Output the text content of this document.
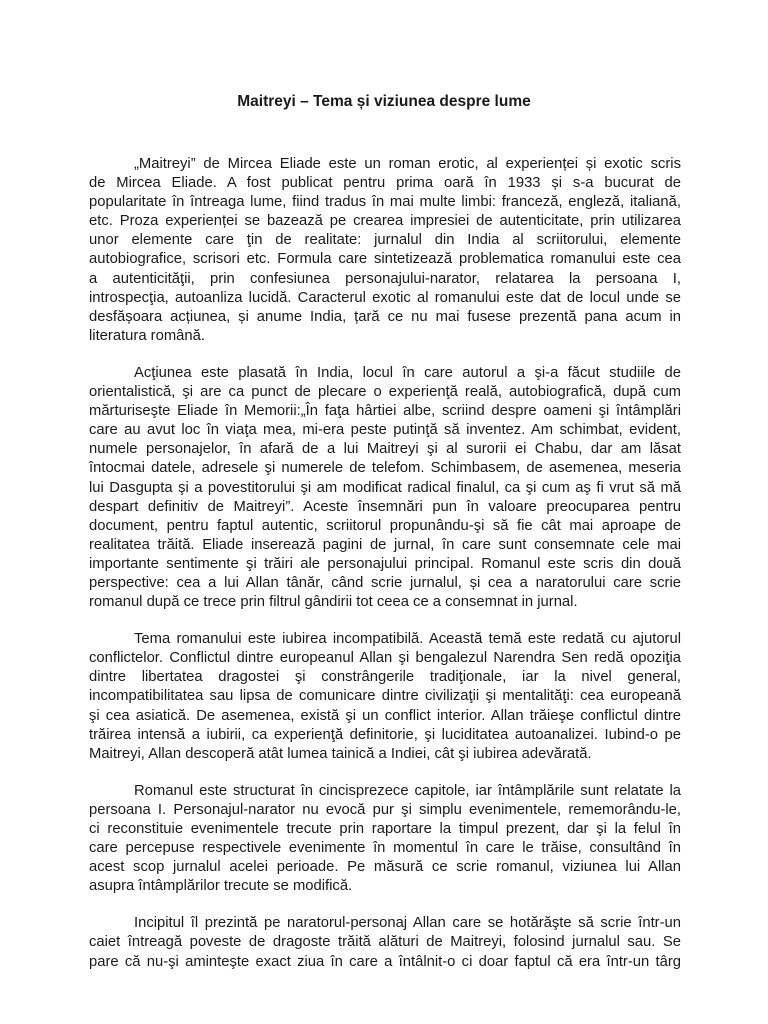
Maitreyi – Tema și viziunea despre lume

„Maitreyi” de Mircea Eliade este un roman erotic, al experienței și exotic scris
de Mircea Eliade. A fost publicat pentru prima oară în 1933 și s-a bucurat de
popularitate în întreaga lume, fiind tradus în mai multe limbi: franceză, engleză, italiană,
etc. Proza experienței se bazează pe crearea impresiei de autenticitate, prin utilizarea
unor elemente care ţin de realitate: jurnalul din India al scriitorului, elemente
autobiografice, scrisori etc. Formula care sintetizează problematica romanului este cea
a autenticităţii, prin confesiunea personajului-narator, relatarea la persoana I,
introspecţia, autoanliza lucidă. Caracterul exotic al romanului este dat de locul unde se
desfășoara acțiunea, și anume India, țară ce nu mai fusese prezentă pana acum in
literatura română.

Acţiunea este plasată în India, locul în care autorul a şi-a făcut studiile de
orientalistică, şi are ca punct de plecare o experienţă reală, autobiografică, după cum
mărturiseşte Eliade în Memorii:„În faţa hârtiei albe, scriind despre oameni şi întâmplări
care au avut loc în viaţa mea, mi-era peste putinţă să inventez. Am schimbat, evident,
numele personajelor, în afară de a lui Maitreyi şi al surorii ei Chabu, dar am lăsat
întocmai datele, adresele şi numerele de telefom. Schimbasem, de asemenea, meseria
lui Dasgupta şi a povestitorului şi am modificat radical finalul, ca şi cum aş fi vrut să mă
despart definitiv de Maitreyi”. Aceste însemnări pun în valoare preocuparea pentru
document, pentru faptul autentic, scriitorul propunându-şi să fie cât mai aproape de
realitatea trăită. Eliade inserează pagini de jurnal, în care sunt consemnate cele mai
importante sentimente şi trăiri ale personajului principal. Romanul este scris din două
perspective: cea a lui Allan tânăr, când scrie jurnalul, și cea a naratorului care scrie
romanul după ce trece prin filtrul gândirii tot ceea ce a consemnat in jurnal.

Tema romanului este iubirea incompatibilă. Această temă este redată cu ajutorul
conflictelor. Conflictul dintre europeanul Allan şi bengalezul Narendra Sen redă opoziţia
dintre libertatea dragostei şi constrângerile tradiţionale, iar la nivel general,
incompatibilitatea sau lipsa de comunicare dintre civilizaţii şi mentalităţi: cea europeană
şi cea asiatică. De asemenea, există şi un conflict interior. Allan trăieşe conflictul dintre
trăirea intensă a iubirii, ca experienţă definitorie, şi luciditatea autoanalizei. Iubind-o pe
Maitreyi, Allan descoperă atât lumea tainică a Indiei, cât şi iubirea adevărată.

Romanul este structurat în cincisprezece capitole, iar întâmplările sunt relatate la
persoana I. Personajul-narator nu evocă pur şi simplu evenimentele, rememorându-le,
ci reconstituie evenimentele trecute prin raportare la timpul prezent, dar şi la felul în
care percepuse respectivele evenimente în momentul în care le trăise, consultând în
acest scop jurnalul acelei perioade. Pe măsură ce scrie romanul, viziunea lui Allan
asupra întâmplărilor trecute se modifică.

Incipitul îl prezintă pe naratorul-personaj Allan care se hotărăşte să scrie într-un
caiet întreagă poveste de dragoste trăită alături de Maitreyi, folosind jurnalul sau. Se
pare că nu-şi aminteşte exact ziua în care a întâlnit-o ci doar faptul că era într-un târg
